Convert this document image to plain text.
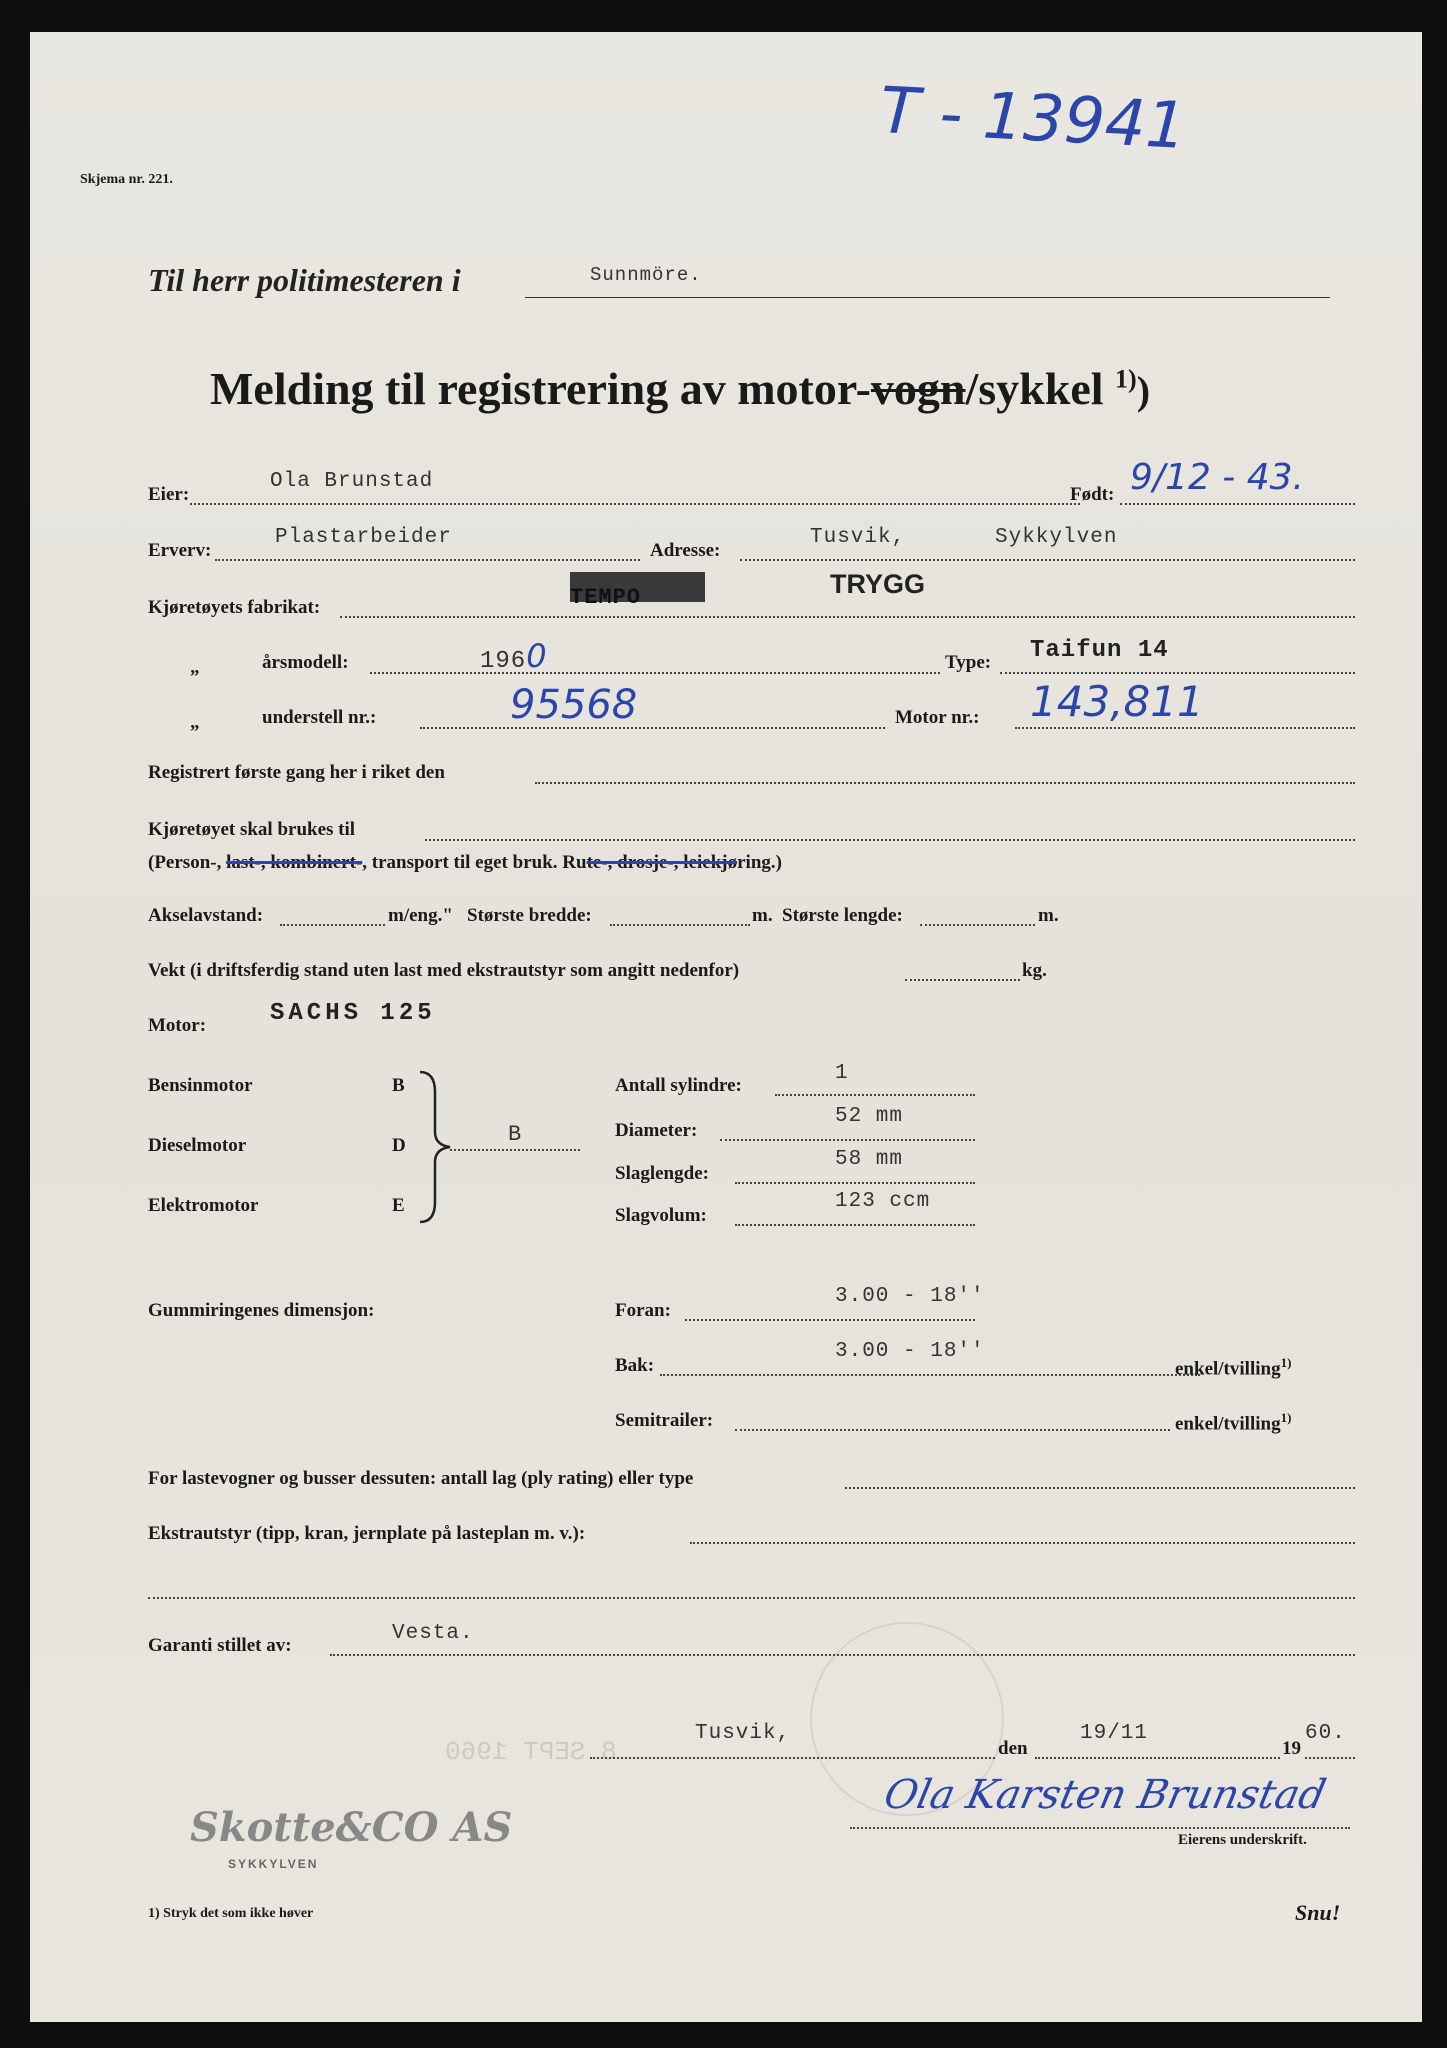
T - 13941
Skjema nr. 221.
Til herr politimesteren i	Sunnmöre.
Melding til registrering av motor-vogn/sykkel $^{1)}$)
Eier:
Ola Brunstad
Født: 9/12 - 43.
Erverv:
Plastarbeider
Adresse:
Tusvik,	Sykkylven
Kjøretøyets fabrikat:	TEMPO	TRYGG
„	årsmodell:	1960	Type: Taifun 14
„	understell nr.:	95568	Motor nr.: 143,811
Registrert første gang her i riket den
Kjøretøyet skal brukes til
(Person-, last-, kombinert-, transport til eget bruk. Rute-, drosje-, leiekjøring.)
Akselavstand:	m/eng." Største bredde:	m. Største lengde:	m.
Vekt (i driftsferdig stand uten last med ekstrautstyr som angitt nedenfor)	kg.
Motor:	SACHS 125
Bensinmotor	B
Dieselmotor	D
Elektromotor	E
B
Antall sylindre:
1
Diameter:
52 mm
Slaglengde:
58 mm
Slagvolum:
123 ccm
Gummiringenes dimensjon:	Foran:
3.00 - 18''
Bak:
3.00 - 18''
enkel/tvilling$^{1)}$
Semitrailer:	enkel/tvilling$^{1)}$
For lastevogner og busser dessuten: antall lag (ply rating) eller type
Ekstrautstyr (tipp, kran, jernplate på lasteplan m. v.):
Garanti stillet av:
Vesta.
8 SEPT 1960
Tusvik,
den
19/11
19
60.
Ola Karsten Brunstad
Eierens underskrift.
Skotte&CO AS
SYKKYLVEN
1) Stryk det som ikke høver	Snu!
